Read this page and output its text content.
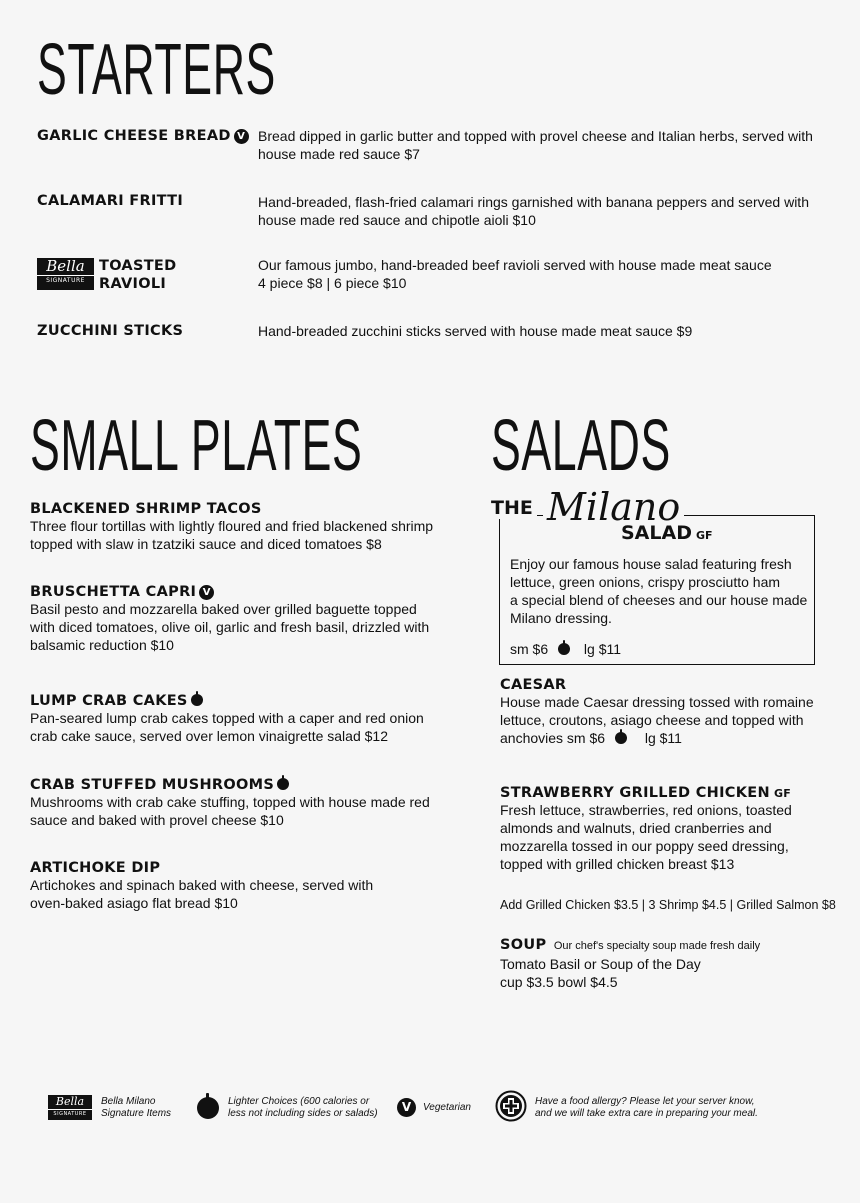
STARTERS
GARLIC CHEESE BREAD V Bread dipped in garlic butter and topped with provel cheese and Italian herbs, served with
house made red sauce $7
CALAMARI FRITTI	Hand-breaded, flash-fried calamari rings garnished with banana peppers and served with
house made red sauce and chipotle aioli $10
Bella
SIGNATURE
TOASTED
RAVIOLI
Our famous jumbo, hand-breaded beef ravioli served with house made meat sauce
4 piece $8 | 6 piece $10
ZUCCHINI STICKS	Hand-breaded zucchini sticks served with house made meat sauce $9
SMALL PLATES
BLACKENED SHRIMP TACOS
Three flour tortillas with lightly floured and fried blackened shrimp
topped with slaw in tzatziki sauce and diced tomatoes $8
BRUSCHETTA CAPRI V
Basil pesto and mozzarella baked over grilled baguette topped
with diced tomatoes, olive oil, garlic and fresh basil, drizzled with
balsamic reduction $10
LUMP CRAB CAKES
Pan-seared lump crab cakes topped with a caper and red onion
crab cake sauce, served over lemon vinaigrette salad $12
CRAB STUFFED MUSHROOMS
Mushrooms with crab cake stuffing, topped with house made red
sauce and baked with provel cheese $10
ARTICHOKE DIP
Artichokes and spinach baked with cheese, served with
oven-baked asiago flat bread $10
SALADS
THE Milano
SALAD GF
Enjoy our famous house salad featuring fresh
lettuce, green onions, crispy prosciutto ham
a special blend of cheeses and our house made
Milano dressing.
sm $6	lg $11
CAESAR
House made Caesar dressing tossed with romaine
lettuce, croutons, asiago cheese and topped with
anchovies sm $6	lg $11
STRAWBERRY GRILLED CHICKEN GF
Fresh lettuce, strawberries, red onions, toasted
almonds and walnuts, dried cranberries and
mozzarella tossed in our poppy seed dressing,
topped with grilled chicken breast $13
Add Grilled Chicken $3.5 | 3 Shrimp $4.5 | Grilled Salmon $8
SOUP Our chef's specialty soup made fresh daily
Tomato Basil or Soup of the Day
cup $3.5 bowl $4.5
Bella
SIGNATURE
Bella Milano
Signature Items
Lighter Choices (600 calories or
less not including sides or salads)	V	Vegetarian
Have a food allergy? Please let your server know,
and we will take extra care in preparing your meal.
